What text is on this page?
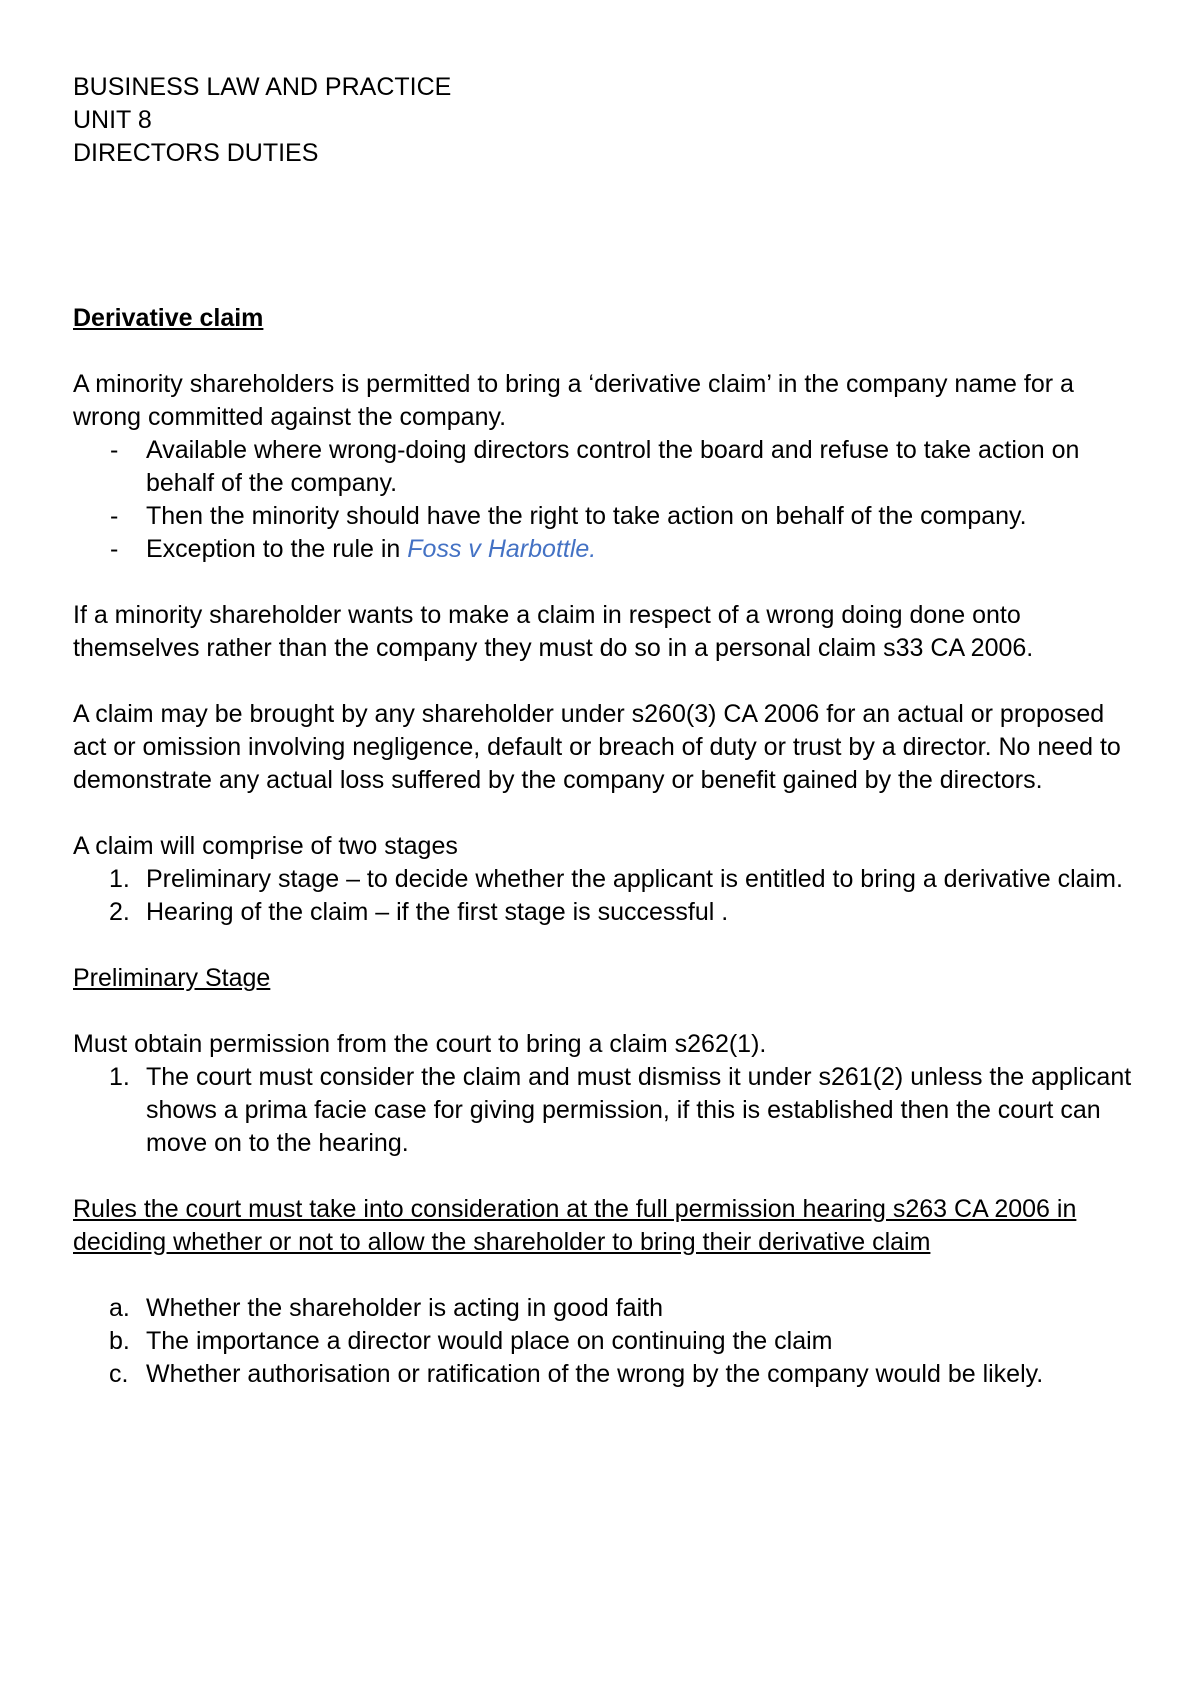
BUSINESS LAW AND PRACTICE

UNIT 8

DIRECTORS DUTIES

Derivative claim

A minority shareholders is permitted to bring a ‘derivative claim’ in the company name for a wrong committed against the company.

- Available where wrong-doing directors control the board and refuse to take action on behalf of the company.
- Then the minority should have the right to take action on behalf of the company.
- Exception to the rule in Foss v Harbottle.

If a minority shareholder wants to make a claim in respect of a wrong doing done onto themselves rather than the company they must do so in a personal claim s33 CA 2006.

A claim may be brought by any shareholder under s260(3) CA 2006 for an actual or proposed act or omission involving negligence, default or breach of duty or trust by a director. No need to demonstrate any actual loss suffered by the company or benefit gained by the directors.

A claim will comprise of two stages

1. Preliminary stage – to decide whether the applicant is entitled to bring a derivative claim.
2. Hearing of the claim – if the first stage is successful .

Preliminary Stage

Must obtain permission from the court to bring a claim s262(1).

1. The court must consider the claim and must dismiss it under s261(2) unless the applicant shows a prima facie case for giving permission, if this is established then the court can move on to the hearing.

Rules the court must take into consideration at the full permission hearing s263 CA 2006 in deciding whether or not to allow the shareholder to bring their derivative claim

a. Whether the shareholder is acting in good faith
b. The importance a director would place on continuing the claim
c. Whether authorisation or ratification of the wrong by the company would be likely.
